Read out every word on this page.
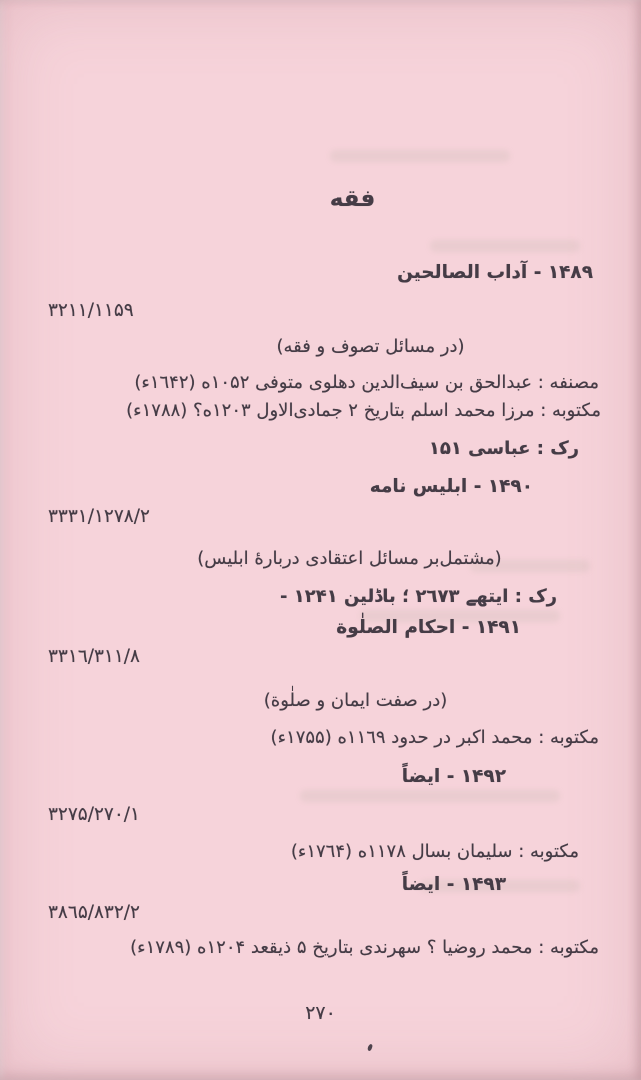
فقه
۱۴۸۹ - آداب الصالحین
۳۲۱۱/۱۱۵۹
(در مسائل تصوف و فقه)
مصنفه : عبدالحق بن سیف‌الدین دهلوی متوفی ۱۰۵۲ه (۱٦۴۲ء)
مکتوبه : مرزا محمد اسلم بتاریخ ۲ جمادی‌الاول ۱۲۰۳ه؟ (۱۷۸۸ء)
رک : عباسی ۱۵۱
۱۴۹۰ - ابلیس نامه
۳۳۳۱/۱۲۷۸/۲
(مشتمل‌بر مسائل اعتقادی دربارۀ ابلیس)
رک : ایتھے ۲٦۷۳ ؛ باڈلین ۱۲۴۱ -
۱۴۹۱ - احکام الصلٰوة
۳۳۱٦/۳۱۱/۸
(در صفت ایمان و صلٰوة)
مکتوبه : محمد اکبر در حدود ۱۱٦۹ه (۱۷۵۵ء)
۱۴۹۲ - ایضاً
۳۲۷۵/۲۷۰/۱
مکتوبه : سلیمان بسال ۱۱۷۸ه (۱۷٦۴ء)
۱۴۹۳ - ایضاً
۳۸٦۵/۸۳۲/۲
مکتوبه : محمد روضیا ؟ سهرندی بتاریخ ۵ ذیقعد ۱۲۰۴ه (۱۷۸۹ء)
۲۷۰
